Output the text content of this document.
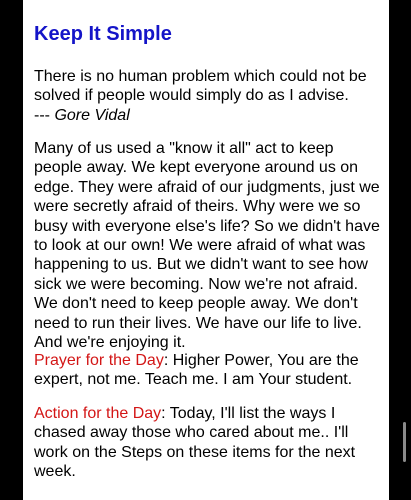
Keep It Simple

There is no human problem which could not be
solved if people would simply do as I advise.
--- Gore Vidal

Many of us used a "know it all" act to keep
people away. We kept everyone around us on
edge. They were afraid of our judgments, just we
were secretly afraid of theirs. Why were we so
busy with everyone else's life? So we didn't have
to look at our own! We were afraid of what was
happening to us. But we didn't want to see how
sick we were becoming. Now we're not afraid.
We don't need to keep people away. We don't
need to run their lives. We have our life to live.
And we're enjoying it.

Prayer for the Day: Higher Power, You are the
expert, not me. Teach me. I am Your student.

Action for the Day: Today, I'll list the ways I
chased away those who cared about me.. I'll
work on the Steps on these items for the next
week.
